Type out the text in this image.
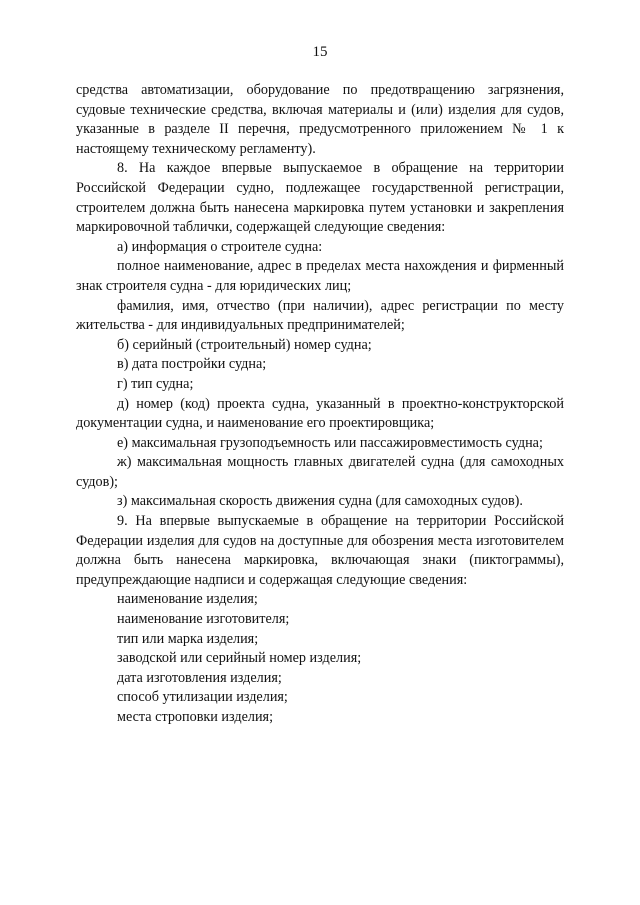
15

средства автоматизации, оборудование по предотвращению загрязнения, судовые технические средства, включая материалы и (или) изделия для судов, указанные в разделе II перечня, предусмотренного приложением № 1 к настоящему техническому регламенту).

8. На каждое впервые выпускаемое в обращение на территории Российской Федерации судно, подлежащее государственной регистрации, строителем должна быть нанесена маркировка путем установки и закрепления маркировочной таблички, содержащей следующие сведения:

а) информация о строителе судна:

полное наименование, адрес в пределах места нахождения и фирменный знак строителя судна - для юридических лиц;

фамилия, имя, отчество (при наличии), адрес регистрации по месту жительства - для индивидуальных предпринимателей;

б) серийный (строительный) номер судна;

в) дата постройки судна;

г) тип судна;

д) номер (код) проекта судна, указанный в проектно-конструкторской документации судна, и наименование его проектировщика;

е) максимальная грузоподъемность или пассажировместимость судна;

ж) максимальная мощность главных двигателей судна (для самоходных судов);

з) максимальная скорость движения судна (для самоходных судов).

9. На впервые выпускаемые в обращение на территории Российской Федерации изделия для судов на доступные для обозрения места изготовителем должна быть нанесена маркировка, включающая знаки (пиктограммы), предупреждающие надписи и содержащая следующие сведения:

наименование изделия;

наименование изготовителя;

тип или марка изделия;

заводской или серийный номер изделия;

дата изготовления изделия;

способ утилизации изделия;

места строповки изделия;
